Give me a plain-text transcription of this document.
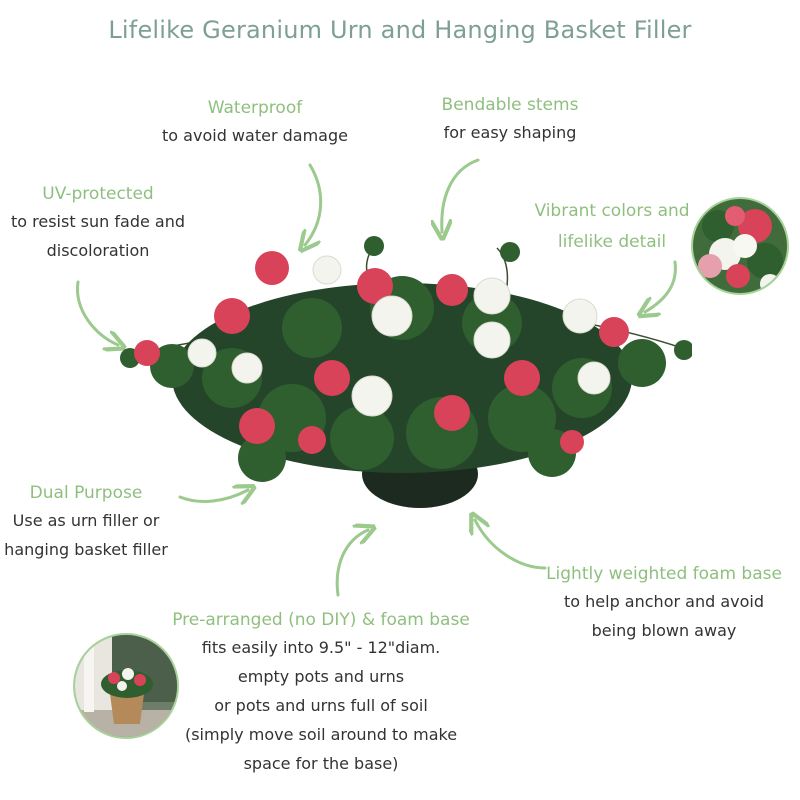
Lifelike Geranium Urn and Hanging Basket Filler
Waterproof
to avoid water damage
Bendable stems
for easy shaping
UV-protected
to resist sun fade and
discoloration
Vibrant colors and
lifelike detail
Dual Purpose
Use as urn filler or
hanging basket filler
Lightly weighted foam base
to help anchor and avoid
being blown away
Pre-arranged (no DIY) & foam base
fits easily into 9.5" - 12"diam.
empty pots and urns
or pots and urns full of soil
(simply move soil around to make
space for the base)
